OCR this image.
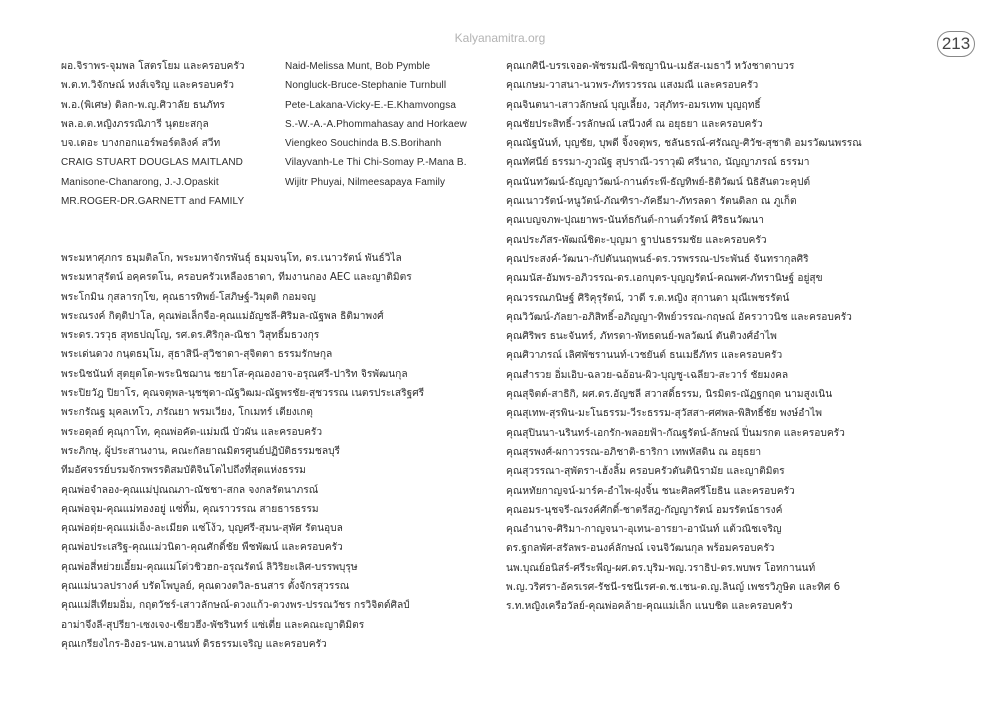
Kalyanamitra.org	213
ผอ.จิราพร-จุมพล โสตรโยม และครอบครัว
พ.ต.ท.วิจักษณ์ หงส์เจริญ และครอบครัว
พ.อ.(พิเศษ) ดิลก-พ.ญ.ศิวาลัย ธนภัทร
พล.อ.ต.หญิงภรรณิภารี นุตยะสกุล
บจ.เดอะ บางกอกแอร์พอร์ตลิงค์ สวีท
CRAIG STUART DOUGLAS MAITLAND
Manisone-Chanarong, J.-J.Opaskit
MR.ROGER-DR.GARNETT and FAMILY
Naid-Melissa Munt, Bob Pymble
Nongluck-Bruce-Stephanie Turnbull
Pete-Lakana-Vicky-E.-E.Khamvongsa
S.-W.-A.-A.Phommahasay and Horkaew
Viengkeo Souchinda B.S.Borihanh
Vilayvanh-Le Thi Chi-Somay P.-Mana B.
Wijitr Phuyai, Nilmeesapaya Family
พระมหาศุภกร ธมฺมติลโก, พระมหาจักรพันธุ์ ธมฺมจนฺโท, ดร.เนาวรัตน์ พันธ์วิไล
พระมหาสุรัตน์ อคฺครตโน, ครอบครัวเหลืองธาดา, ทีมงานกอง AEC และญาติมิตร
พระโกมิน กุสลารกฺโข, คุณธารทิพย์-โสภิษฐ์-วิมุตติ กอมจญ
พระณรงค์ กิตฺติปาโล, คุณพ่อเล็กจือ-คุณแม่อัญชลี-ศิริมล-ณัฐพล ธิติมาพงศ์
พระดร.วรวุธ สุทธปญฺโญ, รศ.ดร.ศิริกุล-ณิชา วิสุทธิ์มธวงกุร
พระเด่นดวง กนฺตธมฺโม, สุธาสินี-สุวิชาดา-สุจิตตา ธรรมรักษกุล
พระนิชนันท์ สุตยุตโต-พระนิชฌาน ชยาโส-คุณองอาจ-อรุณศรี-ปาริท จิรพัฒนกุล
พระปิยวัฎ ปิยาโร, คุณจตุพล-นุชชุดา-ณัฐวิฒม-ณัฐพรชัย-สุชวรรณ เนตรประเสริฐศรี
พระกรัณฐ มุคลเทโว, ภรัณยา พรมเวียง, โกเมทร์ เตียงเกตุ
พระอดุลย์ คุณฺกาโท, คุณพ่อคัด-แม่มณี บัวผัน และครอบครัว
พระภิกษุ, ผู้ประสานงาน, คณะกัลยาณมิตรศูนย์ปฏิบัติธรรมชลบุรี
ทีมอัศจรรย์บรมจักรพรรดิสมบัติจินโตไปถึงที่สุดแห่งธรรม
คุณพ่อจำลอง-คุณแม่ปุณณภา-ณัชชา-สกล จงกลรัตนาภรณ์
คุณพ่อจุม-คุณแม่ทองอยู่ แซ่ทิ้ม, คุณราวรรณ สายธารธรรม
คุณพ่อดุ่ย-คุณแม่เอ็ง-ละเมียด แซ่โง้ว, บุญศรี-สุมน-สุพัศ รัตนอุบล
คุณพ่อประเสริฐ-คุณแม่วนิดา-คุณศักดิ์ชัย พืชพัฒน์ และครอบครัว
คุณพ่อสี่หย่วยเอี้ยม-คุณแม่โด่วชิวฮก-อรุณรัตน์ ลิวิริยะเลิศ-บรรพบุรุษ
คุณแม่นวลปรางค์ บรัดโพบูลย์, คุณดวงตวิล-ธนสาร ตั้งจักรสุวรรณ
คุณแม่สีเทียมอิ่ม, กฤตวัชร์-เสาวลักษณ์-ดวงแก้ว-ดวงพร-ปรรณวัชร กรวิจิตต์ศิลป์
อาม่าจึงลี-สุปรียา-เซงเจง-เซียวฮึง-พัชรินทร์ แซ่เตี่ย และคณะญาติมิตร
คุณเกรียงไกร-อิงอร-นพ.อานนท์ ดิรธรรมเจริญ และครอบครัว
คุณเกศินี-บรรเจอด-พัชรมณี-พิชญานิน-เมธัส-เมธาวี หวังชาตาบวร
คุณเกษม-วาสนา-นวพร-ภัทรวรรณ แสงมณี และครอบครัว
คุณจินตนา-เสาวลักษณ์ บุญเลี้ยง, วสุภัทร-อมรเทพ บุญฤทธิ์
คุณชัยประสิทธิ์-วรลักษณ์ เสนีวงศ์ ณ อยุธยา และครอบครัว
คุณณัฐนันท์, บุญชัย, บุพดี จิ้งจตุพร, ชลันธรณ์-ศรัณญู-ศิวัช-สุชาติ อมรวัฒนพรรณ
คุณทัศนีย์ ธรรมา-ภูวณัฐ สุปราณี-วราวุฒิ ศรีนาถ, นัญญาภรณ์ ธรรมา
คุณนันทวัฒน์-ธัญญาวัฒน์-กานต์ระพี-ธัญทิพย์-ธิติวัฒน์ นิธิสันตวะคุปต์
คุณเนาวรัตน์-หนูวัตน์-ภัณฑิรา-ภัคธีมา-ภัทรลดา รัตนดิลก ณ ภูเก็ต
คุณเบญจภพ-ปุณยาพร-นันท์ธกันต์-กานต์วรัตน์ ศิริธนวัฒนา
คุณประภัสร-พัฒณ์ชิตะ-บุญมา ฐาปนธรรมชัย และครอบครัว
คุณประสงค์-วัฒนา-กัปตันนฤพนธ์-ดร.วรพรรณ-ประพันธ์ จันทรากุลศิริ
คุณมนัส-อัมพร-อภิวรรณ-ดร.เอกบุตร-บุญญรัตน์-คณพศ-ภัทรานิษฐ์ อยู่สุข
คุณวรรณภนิษฐ์ ศิริคุรุรัตน์, วาดี ร.ต.หญิง สุกานดา มุณีเพชรรัตน์
คุณวิวัฒน์-ภัลยา-อภิสิทธิ์-อภิญญา-ทิพย์วรรณ-กฤษณ์ อัครวาวนิช และครอบครัว
คุณศิริพร ธนะจันทร์, ภัทรดา-พัทธดนย์-พลวัฒน์ ตันติวงศ์อำไพ
คุณศิวาภรณ์ เลิศพัชรานนท์-เวชยันต์ ธนเมธีภัทร และครอบครัว
คุณสำรวย อิ่มเอิบ-ฉลวย-ฉอ้อน-ผิว-บุญชู-เฉลียว-สะวาร์ ชัยมงคล
คุณสุจิตต์-สาธิกิ, ผศ.ดร.อัญชลี สวาสดิ์ธรรม, นิรมิตร-ณัฏฐกฤต นามสูงเนิน
คุณสุเทพ-สุรพิน-มะโนธรรม-วีระธรรม-สุวัสสา-ศศพล-พิสิทธิ์ชัย พงษ์อำไพ
คุณสุปินนา-นรินทร์-เอกรัก-พลอยฟ้า-กัณฐรัตน์-ลักษณ์ ปิ่นมรกต และครอบครัว
คุณสุรพงศ์-ผกาวรรณ-อภิชาติ-ธาริกา เทพหัสดิน ณ อยุธยา
คุณสุวรรณา-สุพัตรา-เฮ้งลิ้ม ครอบครัวตันตินิรามัย และญาติมิตร
คุณหทัยกาญจน์-มาร์ค-อำไพ-ฝุงจิ้น ชนะศิลศรีโยธิน และครอบครัว
คุณอมร-นุชจรี-ณรงค์ศักดิ์-ชาตรีสฎ-กัญญารัตน์ อมรรัตน์ธารงค์
คุณอำนาจ-ศิริมา-กาญจนา-อุเทน-อารยา-อานันท์ แต้วณิชเจริญ
ดร.ฐกลพัศ-สรัลพร-อนงค์ลักษณ์ เจนจิวัฒนกุล พร้อมครอบครัว
นพ.บุณย์อนิสร์-ศรีระพีญ-ผศ.ดร.บุริม-พญ.วราธิป-ดร.พบพร โอทกานนท์
พ.ญ.วริศรา-อัครเรศ-รัชนี-รชนีเรศ-ด.ช.เชน-ด.ญ.ลินญ์ เพชรวิภูษิต และทิศ 6
ร.ท.หญิงเครือวัลย์-คุณพ่อคล้าย-คุณแม่เล็ก แนบชิด และครอบครัว
